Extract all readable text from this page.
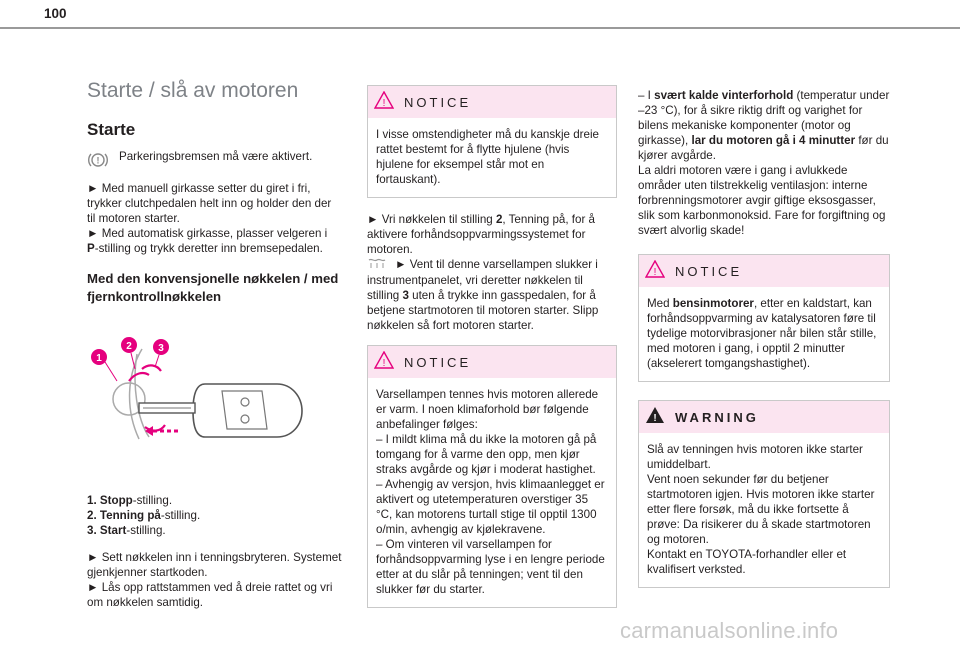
100
Starte / slå av motoren
Starte
! Parkeringsbremsen må være aktivert.
► Med manuell girkasse setter du giret i fri, trykker clutchpedalen helt inn og holder den der til motoren starter.
► Med automatisk girkasse, plasser velgeren i P-stilling og trykk deretter inn bremsepedalen.
Med den konvensjonelle nøkkelen / med fjernkontrollnøkkelen
1
2	3
1. Stopp-stilling.
2. Tenning på-stilling.
3. Start-stilling.
► Sett nøkkelen inn i tenningsbryteren. Systemet gjenkjenner startkoden.
► Lås opp rattstammen ved å dreie rattet og vri om nøkkelen samtidig.
! NOTICE
I visse omstendigheter må du kanskje dreie rattet bestemt for å flytte hjulene (hvis hjulene for eksempel står mot en fortauskant).
► Vri nøkkelen til stilling 2, Tenning på, for å aktivere forhåndsoppvarmingssystemet for motoren.
► Vent til denne varsellampen slukker i instrumentpanelet, vri deretter nøkkelen til stilling 3 uten å trykke inn gasspedalen, for å betjene startmotoren til motoren starter. Slipp nøkkelen så fort motoren starter.
! NOTICE
Varsellampen tennes hvis motoren allerede er varm. I noen klimaforhold bør følgende anbefalinger følges:
– I mildt klima må du ikke la motoren gå på tomgang for å varme den opp, men kjør straks avgårde og kjør i moderat hastighet.
– Avhengig av versjon, hvis klimaanlegget er aktivert og utetemperaturen overstiger 35 °C, kan motorens turtall stige til opptil 1300 o/min, avhengig av kjølekravene.
– Om vinteren vil varsellampen for forhåndsoppvarming lyse i en lengre periode etter at du slår på tenningen; vent til den slukker før du starter.
– I svært kalde vinterforhold (temperatur under –23 °C), for å sikre riktig drift og varighet for bilens mekaniske komponenter (motor og girkasse), lar du motoren gå i 4 minutter før du kjører avgårde.
La aldri motoren være i gang i avlukkede områder uten tilstrekkelig ventilasjon: interne forbrenningsmotorer avgir giftige eksosgasser, slik som karbonmonoksid. Fare for forgiftning og svært alvorlig skade!
! NOTICE
Med bensinmotorer, etter en kaldstart, kan forhåndsoppvarming av katalysatoren føre til tydelige motorvibrasjoner når bilen står stille, med motoren i gang, i opptil 2 minutter (akselerert tomgangshastighet).
! WARNING
Slå av tenningen hvis motoren ikke starter umiddelbart.
Vent noen sekunder før du betjener startmotoren igjen. Hvis motoren ikke starter etter flere forsøk, må du ikke fortsette å prøve: Da risikerer du å skade startmotoren og motoren.
Kontakt en TOYOTA-forhandler eller et kvalifisert verksted.
carmanualsonline.info
